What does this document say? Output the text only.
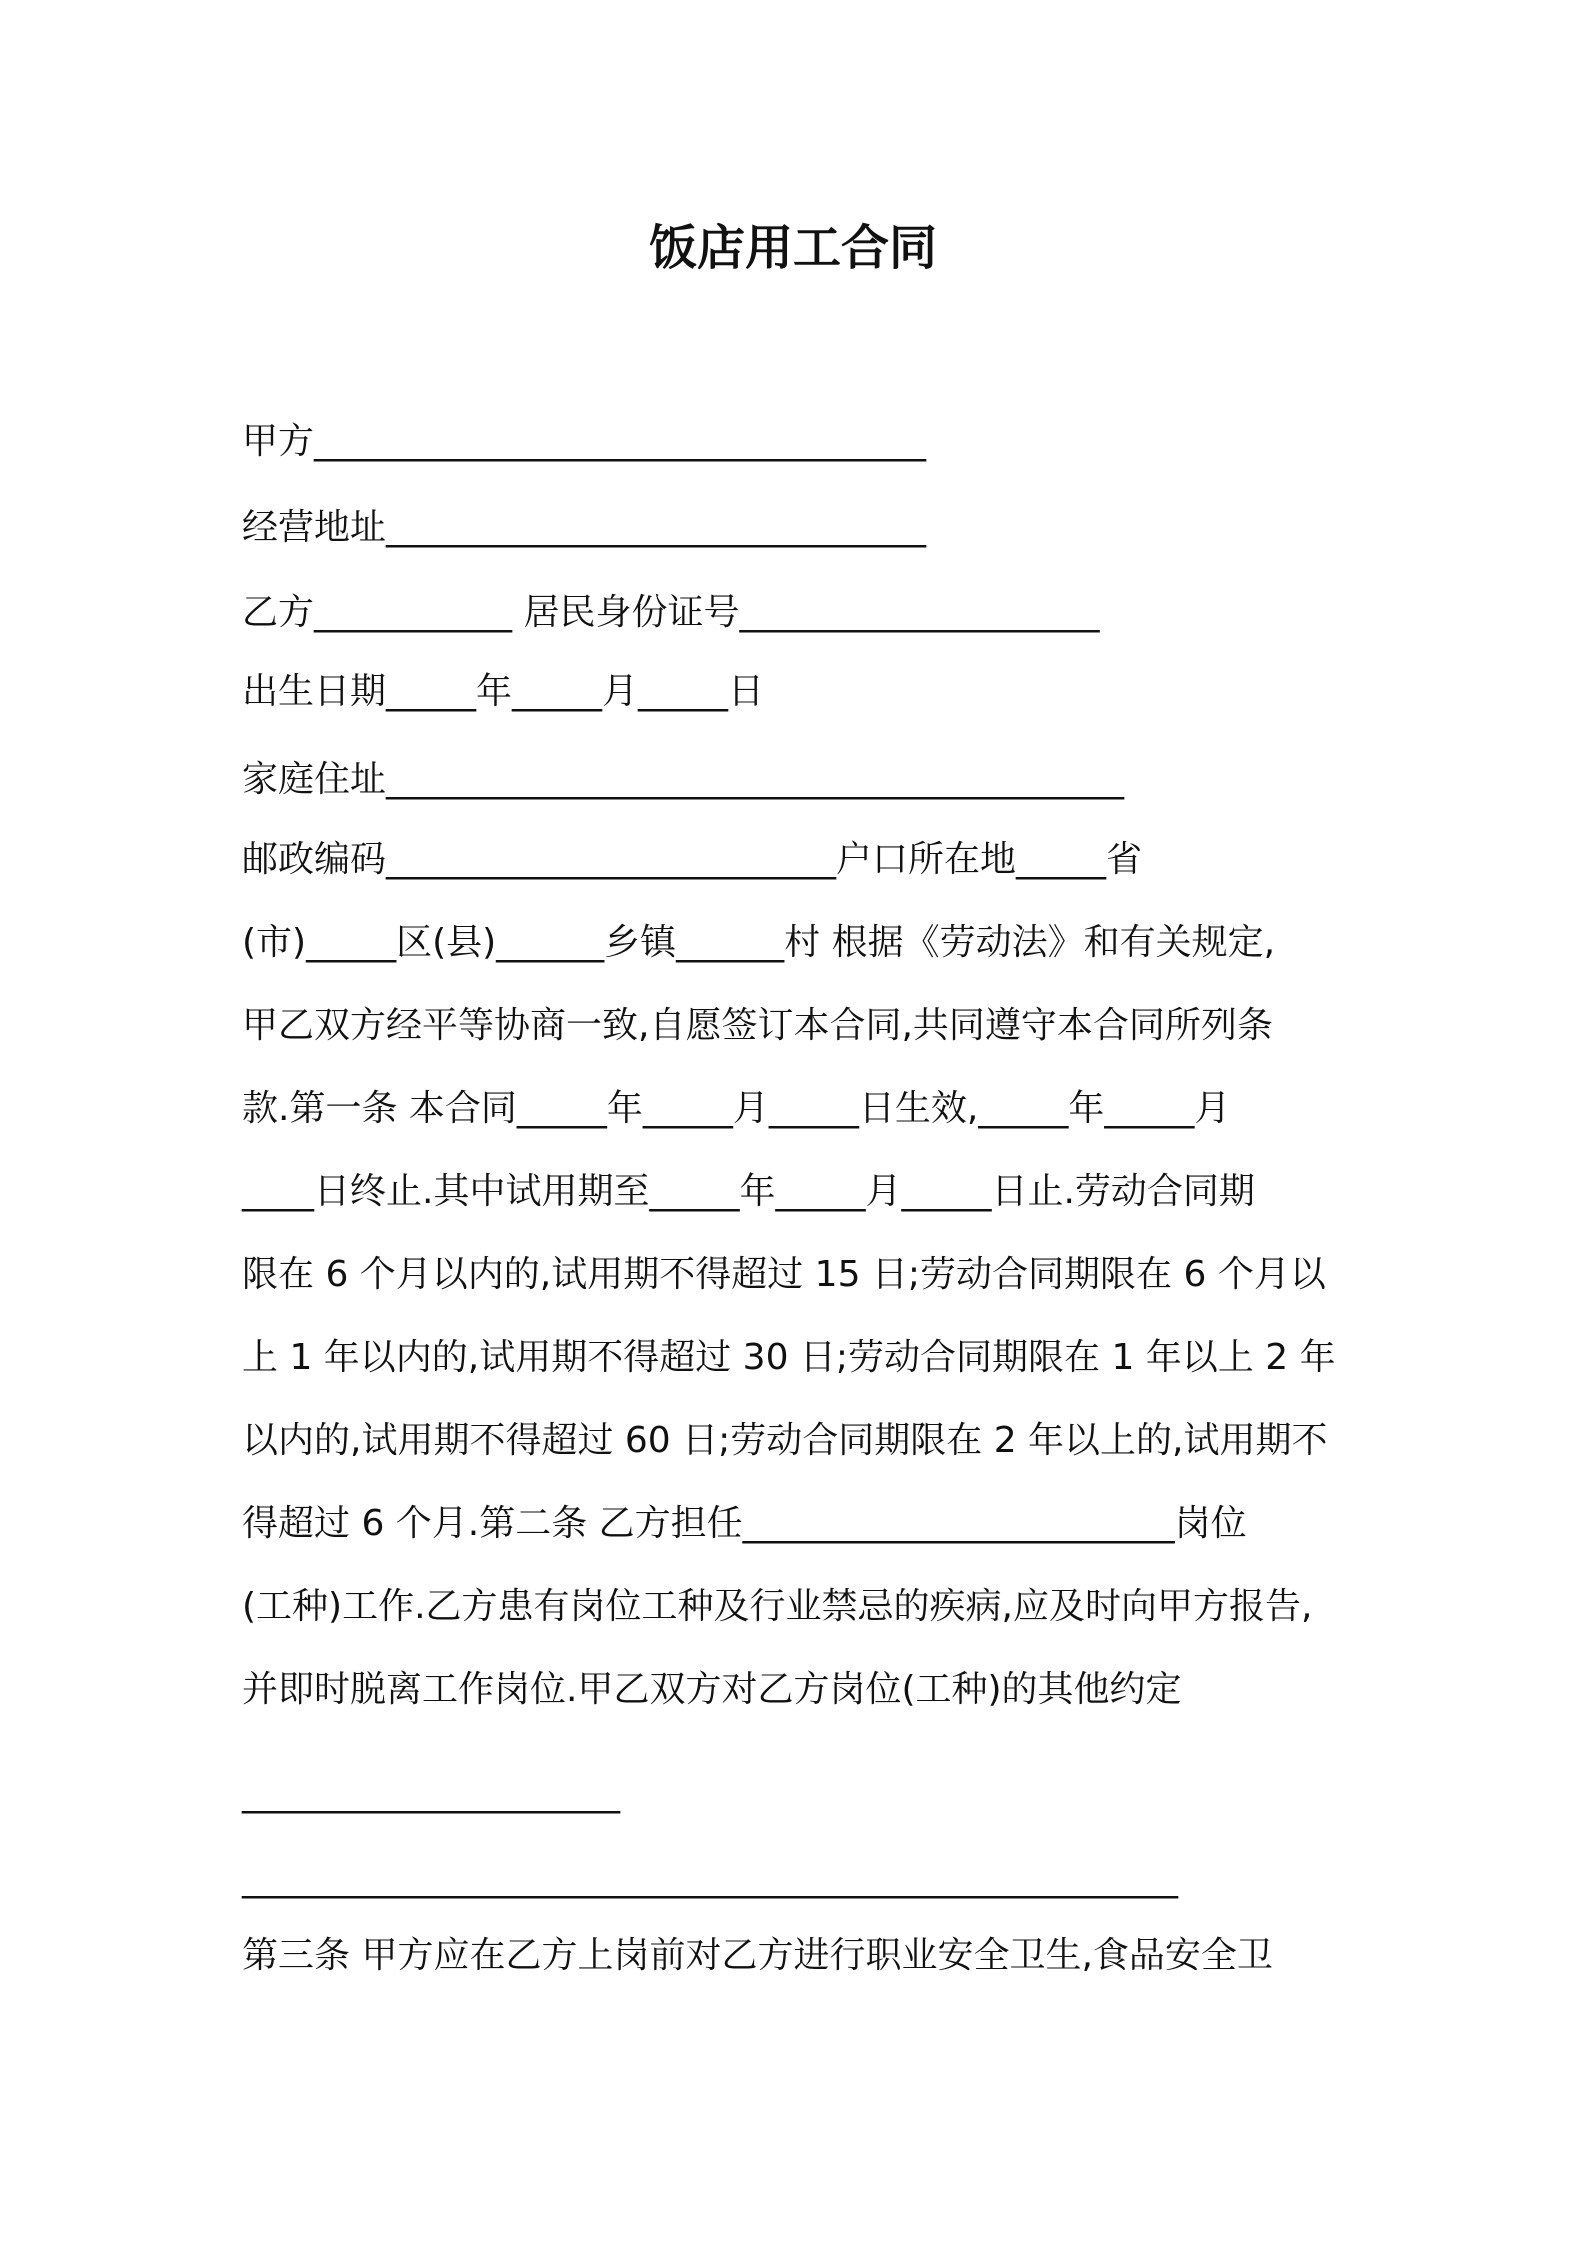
饭店用工合同
甲方__________________________________
经营地址______________________________
乙方___________ 居民身份证号____________________
出生日期_____年_____月_____日
家庭住址_________________________________________
邮政编码_________________________户口所在地_____省
(市)_____区(县)______乡镇______村 根据《劳动法》和有关规定,
甲乙双方经平等协商一致,自愿签订本合同,共同遵守本合同所列条
款.第一条 本合同_____年_____月_____日生效,_____年_____月
____日终止.其中试用期至_____年_____月_____日止.劳动合同期
限在 6 个月以内的,试用期不得超过 15 日;劳动合同期限在 6 个月以
上 1 年以内的,试用期不得超过 30 日;劳动合同期限在 1 年以上 2 年
以内的,试用期不得超过 60 日;劳动合同期限在 2 年以上的,试用期不
得超过 6 个月.第二条 乙方担任________________________岗位
(工种)工作.乙方患有岗位工种及行业禁忌的疾病,应及时向甲方报告,
并即时脱离工作岗位.甲乙双方对乙方岗位(工种)的其他约定
_____________________
____________________________________________________
第三条 甲方应在乙方上岗前对乙方进行职业安全卫生,食品安全卫
